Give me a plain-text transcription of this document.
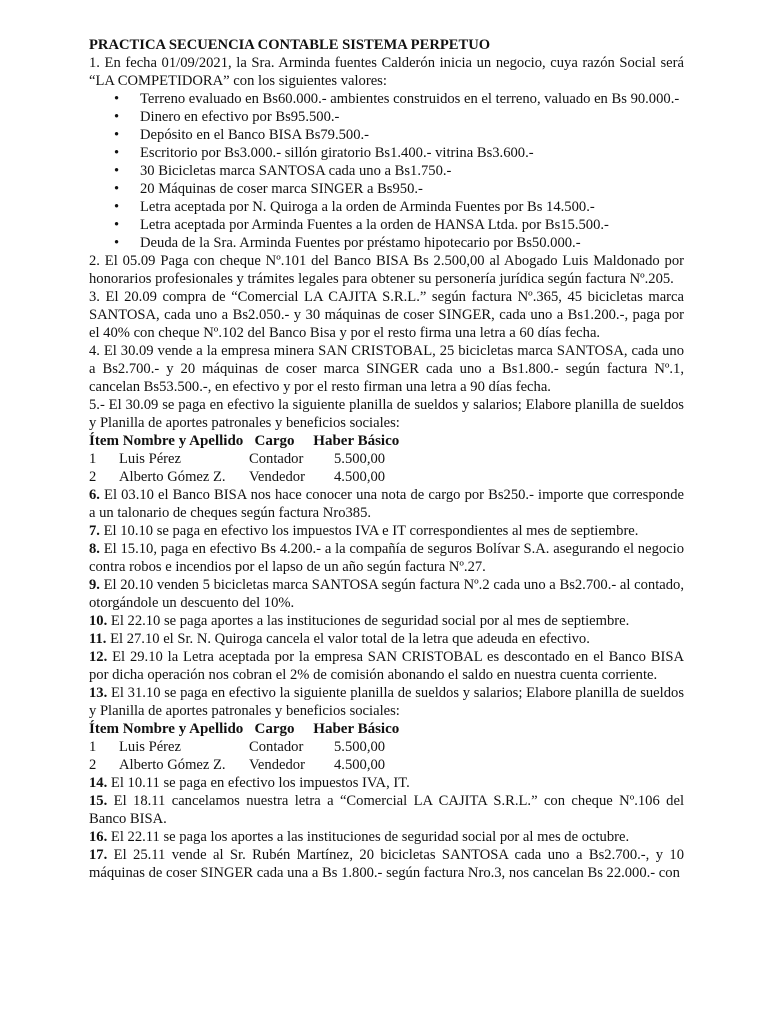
PRACTICA SECUENCIA CONTABLE SISTEMA PERPETUO
1. En fecha 01/09/2021, la Sra. Arminda fuentes Calderón inicia un negocio, cuya razón Social será “LA COMPETIDORA” con los siguientes valores:
• Terreno evaluado en Bs60.000.- ambientes construidos en el terreno, valuado en Bs 90.000.-
• Dinero en efectivo por Bs95.500.-
• Depósito en el Banco BISA Bs79.500.-
• Escritorio por Bs3.000.- sillón giratorio Bs1.400.- vitrina Bs3.600.-
• 30 Bicicletas marca SANTOSA cada uno a Bs1.750.-
• 20 Máquinas de coser marca SINGER a Bs950.-
• Letra aceptada por N. Quiroga a la orden de Arminda Fuentes por Bs 14.500.-
• Letra aceptada por Arminda Fuentes a la orden de HANSA Ltda. por Bs15.500.-
• Deuda de la Sra. Arminda Fuentes por préstamo hipotecario por Bs50.000.-
2. El 05.09 Paga con cheque Nº.101 del Banco BISA Bs 2.500,00 al Abogado Luis Maldonado por honorarios profesionales y trámites legales para obtener su personería jurídica según factura Nº.205.
3. El 20.09 compra de “Comercial LA CAJITA S.R.L.” según factura Nº.365, 45 bicicletas marca SANTOSA, cada uno a Bs2.050.- y 30 máquinas de coser SINGER, cada uno a Bs1.200.-, paga por el 40% con cheque Nº.102 del Banco Bisa y por el resto firma una letra a 60 días fecha.
4. El 30.09 vende a la empresa minera SAN CRISTOBAL, 25 bicicletas marca SANTOSA, cada uno a Bs2.700.- y 20 máquinas de coser marca SINGER cada uno a Bs1.800.- según factura Nº.1, cancelan Bs53.500.-, en efectivo y por el resto firman una letra a 90 días fecha.
5.- El 30.09 se paga en efectivo la siguiente planilla de sueldos y salarios; Elabore planilla de sueldos y Planilla de aportes patronales y beneficios sociales:
Ítem Nombre y Apellido   Cargo     Haber Básico
1 Luis Pérez	Contador 5.500,00
2 Alberto Gómez Z. Vendedor 4.500,00
6. El 03.10 el Banco BISA nos hace conocer una nota de cargo por Bs250.- importe que corresponde a un talonario de cheques según factura Nro385.
7. El 10.10 se paga en efectivo los impuestos IVA e IT correspondientes al mes de septiembre.
8. El 15.10, paga en efectivo Bs 4.200.- a la compañía de seguros Bolívar S.A. asegurando el negocio contra robos e incendios por el lapso de un año según factura Nº.27.
9. El 20.10 venden 5 bicicletas marca SANTOSA según factura Nº.2 cada uno a Bs2.700.- al contado, otorgándole un descuento del 10%.
10. El 22.10 se paga aportes a las instituciones de seguridad social por al mes de septiembre.
11. El 27.10 el Sr. N. Quiroga cancela el valor total de la letra que adeuda en efectivo.
12. El 29.10 la Letra aceptada por la empresa SAN CRISTOBAL es descontado en el Banco BISA por dicha operación nos cobran el 2% de comisión abonando el saldo en nuestra cuenta corriente.
13. El 31.10 se paga en efectivo la siguiente planilla de sueldos y salarios; Elabore planilla de sueldos y Planilla de aportes patronales y beneficios sociales:
Ítem Nombre y Apellido   Cargo     Haber Básico
1 Luis Pérez	Contador 5.500,00
2 Alberto Gómez Z. Vendedor 4.500,00
14. El 10.11 se paga en efectivo los impuestos IVA, IT.
15. El 18.11 cancelamos nuestra letra a “Comercial LA CAJITA S.R.L.” con cheque Nº.106 del Banco BISA.
16. El 22.11 se paga los aportes a las instituciones de seguridad social por al mes de octubre.
17. El 25.11 vende al Sr. Rubén Martínez, 20 bicicletas SANTOSA cada uno a Bs2.700.-, y 10 máquinas de coser SINGER cada una a Bs 1.800.- según factura Nro.3, nos cancelan Bs 22.000.- con
